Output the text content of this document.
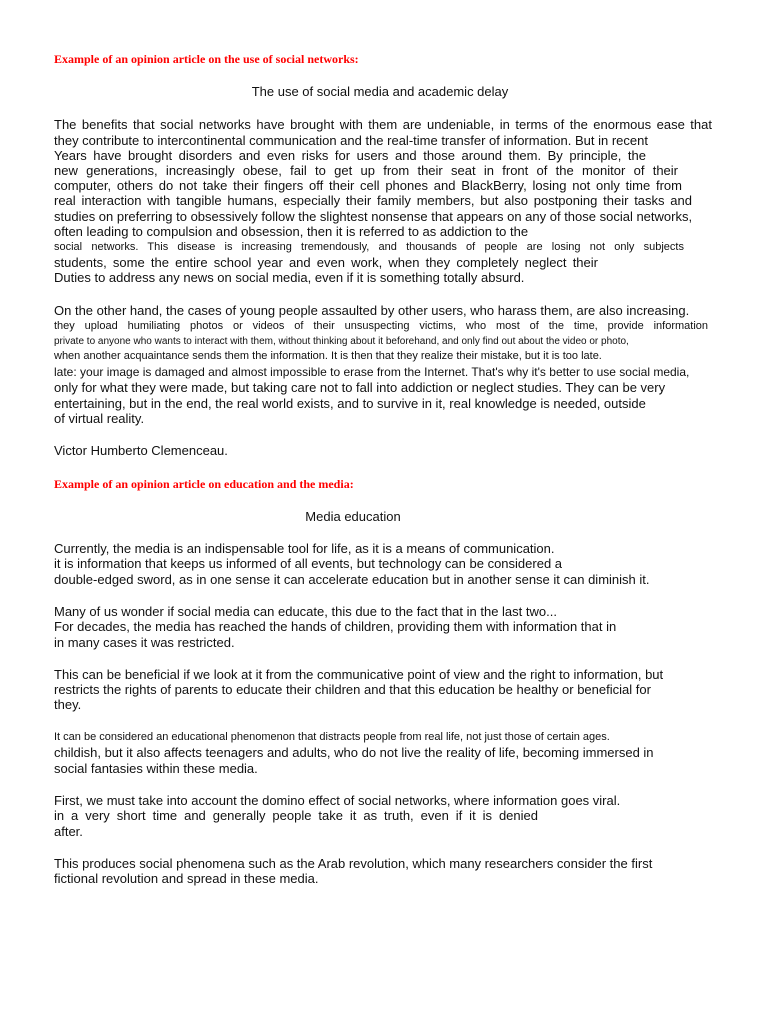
Example of an opinion article on the use of social networks:
The use of social media and academic delay
The benefits that social networks have brought with them are undeniable, in terms of the enormous ease that
they contribute to intercontinental communication and the real-time transfer of information. But in recent
Years have brought disorders and even risks for users and those around them. By principle, the
new generations, increasingly obese, fail to get up from their seat in front of the monitor of their
computer, others do not take their fingers off their cell phones and BlackBerry, losing not only time from
real interaction with tangible humans, especially their family members, but also postponing their tasks and
studies on preferring to obsessively follow the slightest nonsense that appears on any of those social networks,
often leading to compulsion and obsession, then it is referred to as addiction to the
social networks. This disease is increasing tremendously, and thousands of people are losing not only subjects
students, some the entire school year and even work, when they completely neglect their
Duties to address any news on social media, even if it is something totally absurd.
On the other hand, the cases of young people assaulted by other users, who harass them, are also increasing.
they upload humiliating photos or videos of their unsuspecting victims, who most of the time, provide information
private to anyone who wants to interact with them, without thinking about it beforehand, and only find out about the video or photo,
when another acquaintance sends them the information. It is then that they realize their mistake, but it is too late.
late: your image is damaged and almost impossible to erase from the Internet. That's why it's better to use social media,
only for what they were made, but taking care not to fall into addiction or neglect studies. They can be very
entertaining, but in the end, the real world exists, and to survive in it, real knowledge is needed, outside
of virtual reality.
Victor Humberto Clemenceau.
Example of an opinion article on education and the media:
Media education
Currently, the media is an indispensable tool for life, as it is a means of communication.
it is information that keeps us informed of all events, but technology can be considered a
double-edged sword, as in one sense it can accelerate education but in another sense it can diminish it.
Many of us wonder if social media can educate, this due to the fact that in the last two...
For decades, the media has reached the hands of children, providing them with information that in
in many cases it was restricted.
This can be beneficial if we look at it from the communicative point of view and the right to information, but
restricts the rights of parents to educate their children and that this education be healthy or beneficial for
they.
It can be considered an educational phenomenon that distracts people from real life, not just those of certain ages.
childish, but it also affects teenagers and adults, who do not live the reality of life, becoming immersed in
social fantasies within these media.
First, we must take into account the domino effect of social networks, where information goes viral.
in a very short time and generally people take it as truth, even if it is denied
after.
This produces social phenomena such as the Arab revolution, which many researchers consider the first
fictional revolution and spread in these media.
